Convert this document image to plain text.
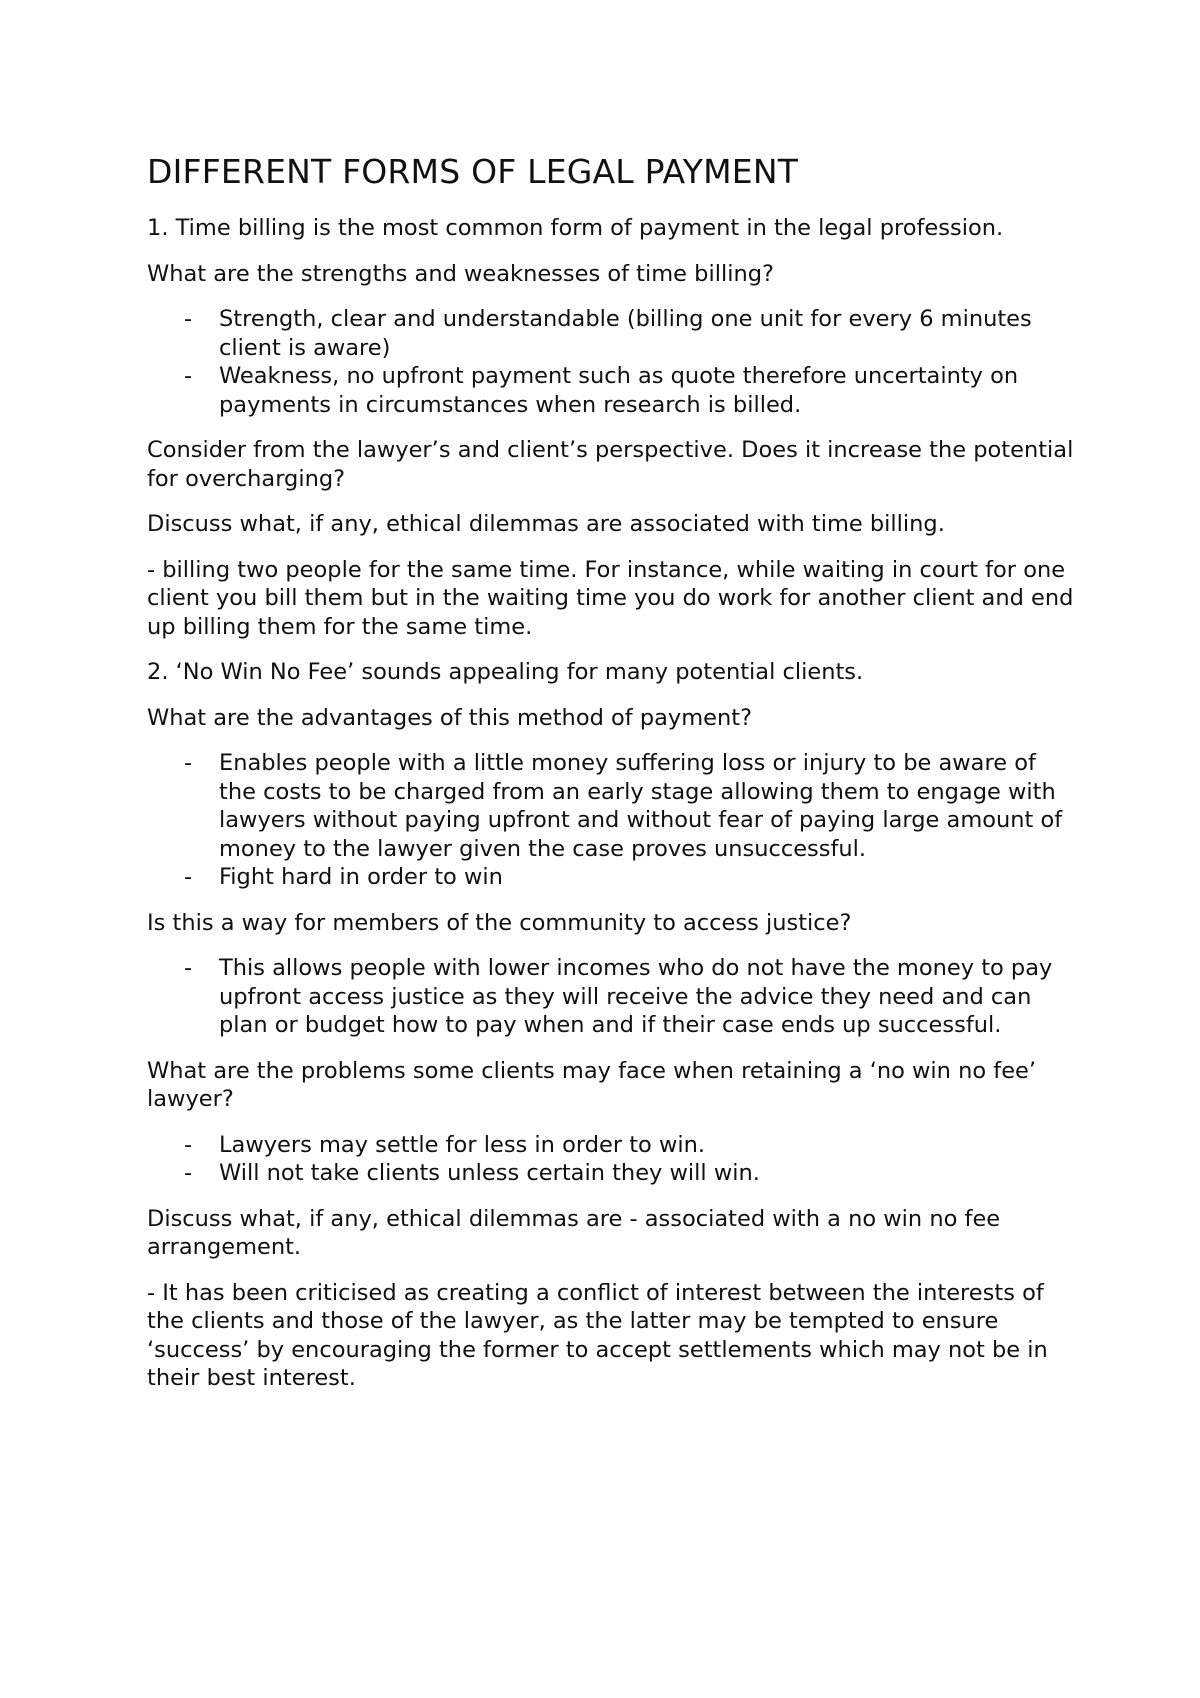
DIFFERENT FORMS OF LEGAL PAYMENT

1. Time billing is the most common form of payment in the legal profession.

What are the strengths and weaknesses of time billing?

- Strength, clear and understandable (billing one unit for every 6 minutes client is aware)
- Weakness, no upfront payment such as quote therefore uncertainty on payments in circumstances when research is billed.

Consider from the lawyer’s and client’s perspective. Does it increase the potential for overcharging?

Discuss what, if any, ethical dilemmas are associated with time billing.

- billing two people for the same time. For instance, while waiting in court for one client you bill them but in the waiting time you do work for another client and end up billing them for the same time.

2. ‘No Win No Fee’ sounds appealing for many potential clients.

What are the advantages of this method of payment?

- Enables people with a little money suffering loss or injury to be aware of the costs to be charged from an early stage allowing them to engage with lawyers without paying upfront and without fear of paying large amount of money to the lawyer given the case proves unsuccessful.
- Fight hard in order to win

Is this a way for members of the community to access justice?

- This allows people with lower incomes who do not have the money to pay upfront access justice as they will receive the advice they need and can plan or budget how to pay when and if their case ends up successful.

What are the problems some clients may face when retaining a ‘no win no fee’ lawyer?

- Lawyers may settle for less in order to win.
- Will not take clients unless certain they will win.

Discuss what, if any, ethical dilemmas are - associated with a no win no fee arrangement.

- It has been criticised as creating a conflict of interest between the interests of the clients and those of the lawyer, as the latter may be tempted to ensure ‘success’ by encouraging the former to accept settlements which may not be in their best interest.
